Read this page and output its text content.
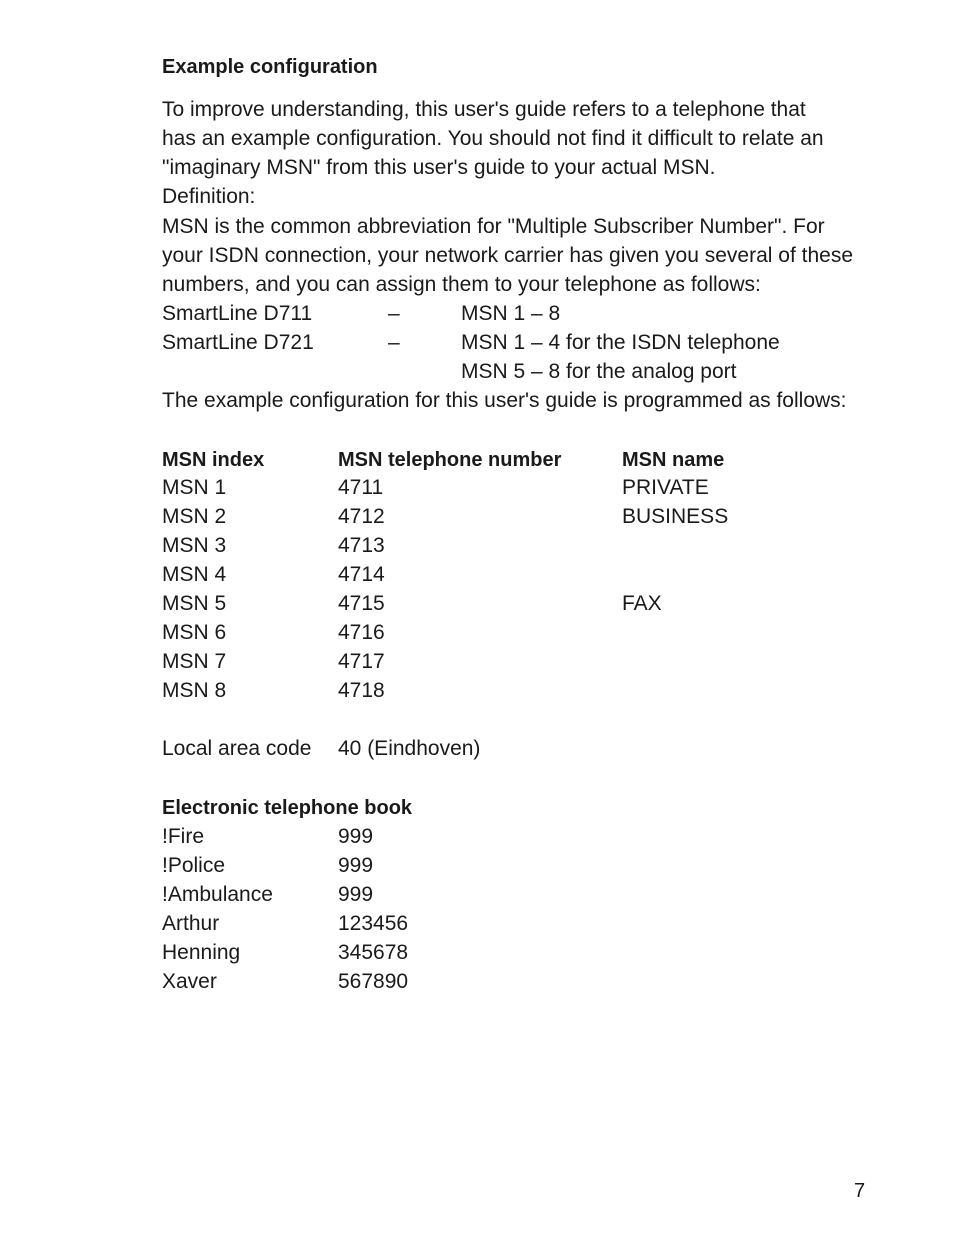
Example configuration
To improve understanding, this user's guide refers to a telephone that
has an example configuration. You should not find it difficult to relate an
"imaginary MSN" from this user's guide to your actual MSN.
Definition:
MSN is the common abbreviation for "Multiple Subscriber Number". For
your ISDN connection, your network carrier has given you several of these
numbers, and you can assign them to your telephone as follows:
SmartLine D711	–	MSN 1 – 8
SmartLine D721	–	MSN 1 – 4 for the ISDN telephone
MSN 5 – 8 for the analog port
The example configuration for this user's guide is programmed as follows:
MSN index	MSN telephone number	MSN name
MSN 1	4711	PRIVATE
MSN 2	4712	BUSINESS
MSN 3	4713
MSN 4	4714
MSN 5	4715	FAX
MSN 6	4716
MSN 7	4717
MSN 8	4718
Local area code 40 (Eindhoven)
Electronic telephone book
!Fire	999
!Police	999
!Ambulance	999
Arthur	123456
Henning	345678
Xaver	567890
7
